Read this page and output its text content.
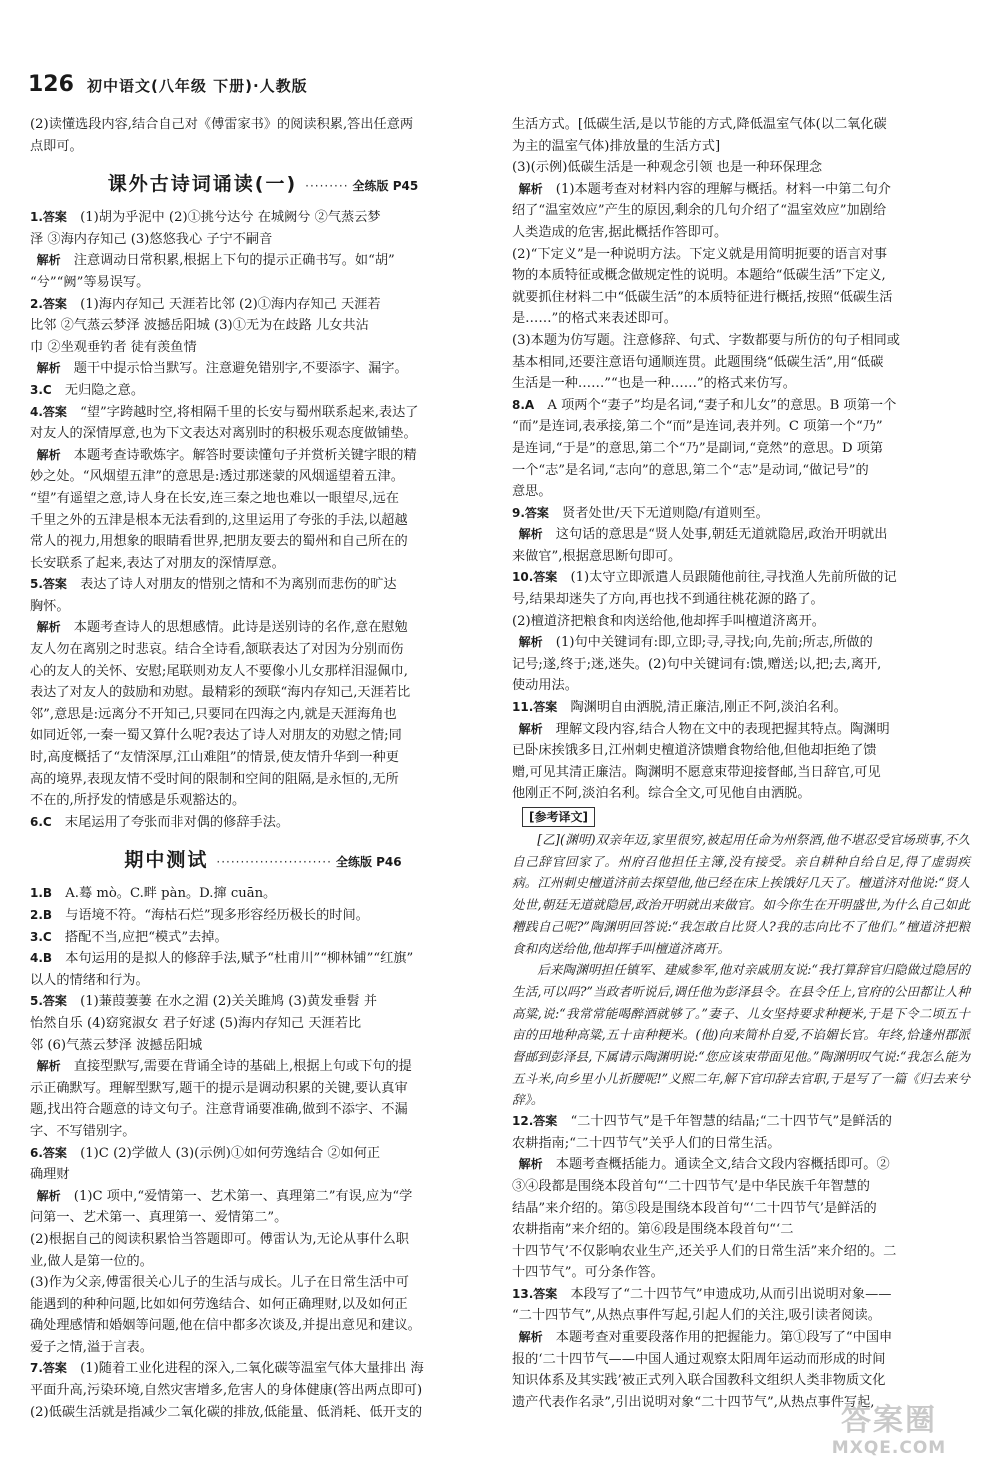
126 初中语文(八年级 下册)·人教版

(2)读懂选段内容,结合自己对《傅雷家书》的阅读积累,答出任意两

点即可。

课外古诗词诵读(一) ········· 全练版 P45

1.答案　 (1)胡为乎泥中 (2)①挑兮达兮 在城阙兮 ②气蒸云梦

泽 ③海内存知己 (3)悠悠我心 子宁不嗣音

 解析　 注意调动日常积累,根据上下句的提示正确书写。如“胡”

“兮”“阙”等易误写。

2.答案　 (1)海内存知己 天涯若比邻 (2)①海内存知己 天涯若

比邻 ②气蒸云梦泽 波撼岳阳城 (3)①无为在歧路 儿女共沾

巾 ②坐观垂钓者 徒有羡鱼情

 解析　 题干中提示恰当默写。注意避免错别字,不要添字、漏字。

3.C　 无归隐之意。

4.答案　 “望”字跨越时空,将相隔千里的长安与蜀州联系起来,表达了

对友人的深情厚意,也为下文表达对离别时的积极乐观态度做铺垫。

 解析　 本题考查诗歌炼字。解答时要读懂句子并赏析关键字眼的精

妙之处。“风烟望五津”的意思是:透过那迷蒙的风烟遥望着五津。

“望”有遥望之意,诗人身在长安,连三秦之地也难以一眼望尽,远在

千里之外的五津是根本无法看到的,这里运用了夸张的手法,以超越

常人的视力,用想象的眼睛看世界,把朋友要去的蜀州和自己所在的

长安联系了起来,表达了对朋友的深情厚意。

5.答案　 表达了诗人对朋友的惜别之情和不为离别而悲伤的旷达

胸怀。

 解析　 本题考查诗人的思想感情。此诗是送别诗的名作,意在慰勉

友人勿在离别之时悲哀。结合全诗看,颔联表达了对因为分别而伤

心的友人的关怀、安慰;尾联则劝友人不要像小儿女那样泪湿佩巾,

表达了对友人的鼓励和劝慰。最精彩的颈联“海内存知己,天涯若比

邻”,意思是:远离分不开知己,只要同在四海之内,就是天涯海角也

如同近邻,一秦一蜀又算什么呢?表达了诗人对朋友的劝慰之情;同

时,高度概括了“友情深厚,江山难阻”的情景,使友情升华到一种更

高的境界,表现友情不受时间的限制和空间的阻隔,是永恒的,无所

不在的,所抒发的情感是乐观豁达的。

6.C　 末尾运用了夸张而非对偶的修辞手法。

期中测试 ························ 全练版 P46

1.B　 A.蓦 mò。C.畔 pàn。D.撺 cuān。

2.B　 与语境不符。“海枯石烂”现多形容经历极长的时间。

3.C　 搭配不当,应把“模式”去掉。

4.B　 本句运用的是拟人的修辞手法,赋予“杜甫川”“柳林铺”“红旗”

以人的情绪和行为。

5.答案　 (1)蒹葭萋萋 在水之湄 (2)关关雎鸠 (3)黄发垂髫 并

怡然自乐 (4)窈窕淑女 君子好逑 (5)海内存知己 天涯若比

邻 (6)气蒸云梦泽 波撼岳阳城

 解析　 直接型默写,需要在背诵全诗的基础上,根据上句或下句的提

示正确默写。理解型默写,题干的提示是调动积累的关键,要认真审

题,找出符合题意的诗文句子。注意背诵要准确,做到不添字、不漏

字、不写错别字。

6.答案　 (1)C (2)学做人 (3)(示例)①如何劳逸结合 ②如何正

确理财

 解析　 (1)C 项中,“爱情第一、艺术第一、真理第二”有误,应为“学

问第一、艺术第一、真理第一、爱情第二”。

(2)根据自己的阅读积累恰当答题即可。傅雷认为,无论从事什么职

业,做人是第一位的。

(3)作为父亲,傅雷很关心儿子的生活与成长。儿子在日常生活中可

能遇到的种种问题,比如如何劳逸结合、如何正确理财,以及如何正

确处理感情和婚姻等问题,他在信中都多次谈及,并提出意见和建议。

爱子之情,溢于言表。

7.答案　 (1)随着工业化进程的深入,二氧化碳等温室气体大量排出 海

平面升高,污染环境,自然灾害增多,危害人的身体健康(答出两点即可)

(2)低碳生活就是指减少二氧化碳的排放,低能量、低消耗、低开支的

生活方式。[低碳生活,是以节能的方式,降低温室气体(以二氧化碳

为主的温室气体)排放量的生活方式]

(3)(示例)低碳生活是一种观念引领 也是一种环保理念

 解析　 (1)本题考查对材料内容的理解与概括。材料一中第二句介

绍了“温室效应”产生的原因,剩余的几句介绍了“温室效应”加剧给

人类造成的危害,据此概括作答即可。

(2)“下定义”是一种说明方法。下定义就是用简明扼要的语言对事

物的本质特征或概念做规定性的说明。本题给“低碳生活”下定义,

就要抓住材料二中“低碳生活”的本质特征进行概括,按照“低碳生活

是……”的格式来表述即可。

(3)本题为仿写题。注意修辞、句式、字数都要与所仿的句子相同或

基本相同,还要注意语句通顺连贯。此题围绕“低碳生活”,用“低碳

生活是一种……”“也是一种……”的格式来仿写。

8.A　 A 项两个“妻子”均是名词,“妻子和儿女”的意思。B 项第一个

“而”是连词,表承接,第二个“而”是连词,表并列。C 项第一个“乃”

是连词,“于是”的意思,第二个“乃”是副词,“竟然”的意思。D 项第

一个“志”是名词,“志向”的意思,第二个“志”是动词,“做记号”的

意思。

9.答案　 贤者处世/天下无道则隐/有道则至。

 解析　 这句话的意思是“贤人处事,朝廷无道就隐居,政治开明就出

来做官”,根据意思断句即可。

10.答案　 (1)太守立即派遣人员跟随他前往,寻找渔人先前所做的记

号,结果却迷失了方向,再也找不到通往桃花源的路了。

(2)檀道济把粮食和肉送给他,他却挥手叫檀道济离开。

 解析　 (1)句中关键词有:即,立即;寻,寻找;向,先前;所志,所做的

记号;遂,终于;迷,迷失。(2)句中关键词有:馈,赠送;以,把;去,离开,

使动用法。

11.答案　 陶渊明自由洒脱,清正廉洁,刚正不阿,淡泊名利。

 解析　 理解文段内容,结合人物在文中的表现把握其特点。陶渊明

已卧床挨饿多日,江州刺史檀道济馈赠食物给他,但他却拒绝了馈

赠,可见其清正廉洁。陶渊明不愿意束带迎接督邮,当日辞官,可见

他刚正不阿,淡泊名利。综合全文,可见他自由洒脱。

[参考译文]

[乙](渊明)双亲年迈,家里很穷,被起用任命为州祭酒,他不堪忍受官场琐事,不久自己辞官回家了。州府召他担任主簿,没有接受。亲自耕种自给自足,得了虚弱疾病。江州刺史檀道济前去探望他,他已经在床上挨饿好几天了。檀道济对他说:“贤人处世,朝廷无道就隐居,政治开明就出来做官。如今你生在开明盛世,为什么自己如此糟践自己呢?”陶渊明回答说:“我怎敢自比贤人?我的志向比不了他们。”檀道济把粮食和肉送给他,他却挥手叫檀道济离开。

后来陶渊明担任镇军、建威参军,他对亲戚朋友说:“我打算辞官归隐做过隐居的生活,可以吗?”当政者听说后,调任他为彭泽县令。在县令任上,官府的公田都让人种高粱,说:“我常常能喝醉酒就够了。”妻子、儿女坚持要求种粳米,于是下令二顷五十亩的田地种高粱,五十亩种粳米。(他)向来简朴自爱,不谄媚长官。年终,恰逢州郡派督邮到彭泽县,下属请示陶渊明说:“您应该束带面见他。”陶渊明叹气说:“我怎么能为五斗米,向乡里小儿折腰呢!”义熙二年,解下官印辞去官职,于是写了一篇《归去来兮辞》。

12.答案　 “二十四节气”是千年智慧的结晶;“二十四节气”是鲜活的

农耕指南;“二十四节气”关乎人们的日常生活。

 解析　 本题考查概括能力。通读全文,结合文段内容概括即可。②

③④段都是围绕本段首句“‘二十四节气’是中华民族千年智慧的

结晶”来介绍的。第⑤段是围绕本段首句“‘二十四节气’是鲜活的

农耕指南”来介绍的。第⑥段是围绕本段首句“‘二

十四节气’不仅影响农业生产,还关乎人们的日常生活”来介绍的。二

十四节气”。可分条作答。

13.答案　 本段写了“二十四节气”申遗成功,从而引出说明对象——

“二十四节气”,从热点事件写起,引起人们的关注,吸引读者阅读。

 解析　 本题考查对重要段落作用的把握能力。第①段写了“中国申

报的‘二十四节气——中国人通过观察太阳周年运动而形成的时间

知识体系及其实践’被正式列入联合国教科文组织人类非物质文化

遗产代表作名录”,引出说明对象“二十四节气”,从热点事件写起,

答案圈
MXQE.COM
